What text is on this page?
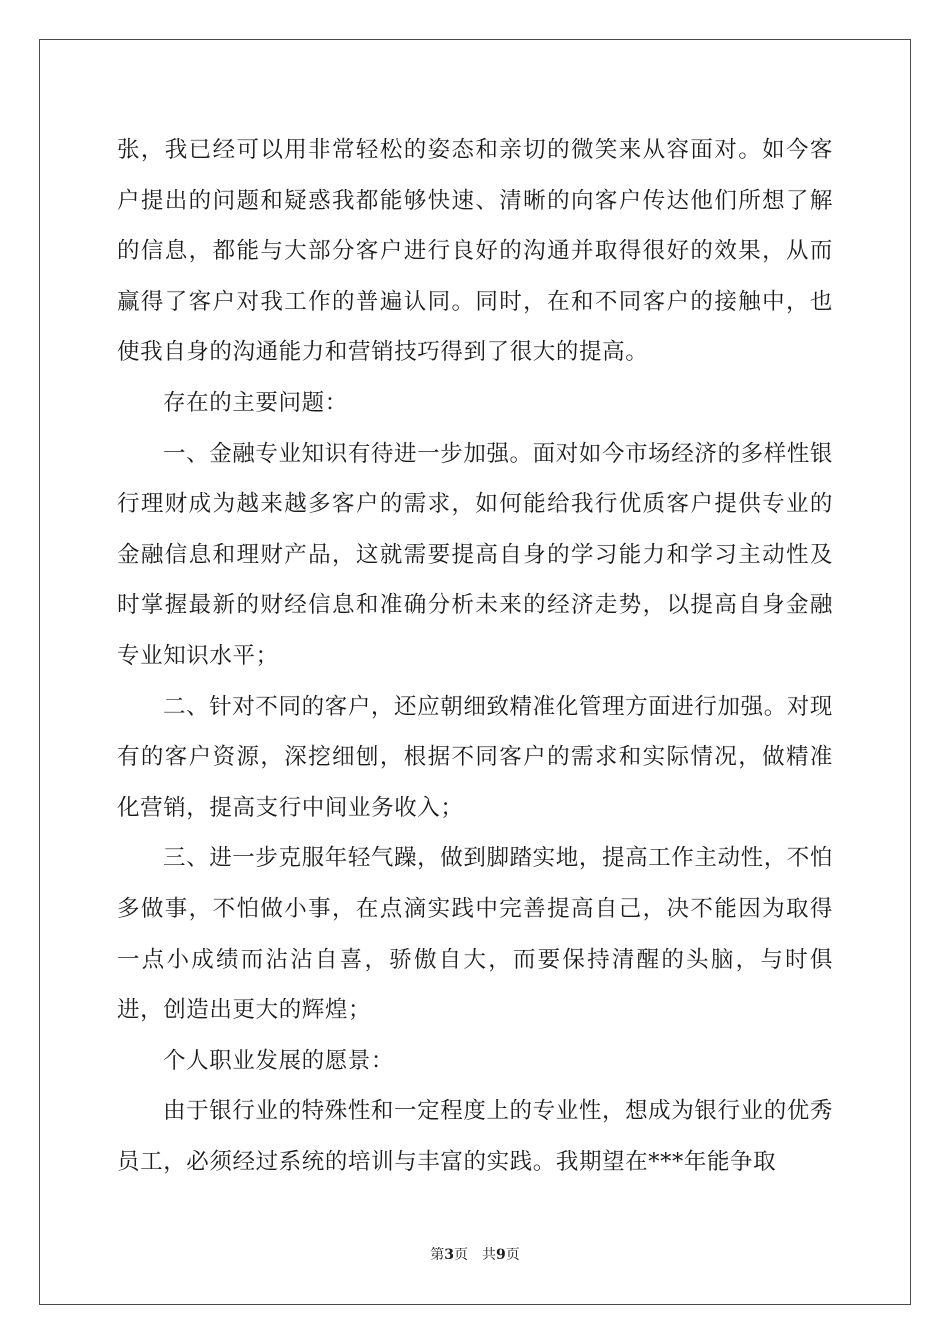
张，我已经可以用非常轻松的姿态和亲切的微笑来从容面对。如今客户提出的问题和疑惑我都能够快速、清晰的向客户传达他们所想了解的信息，都能与大部分客户进行良好的沟通并取得很好的效果，从而赢得了客户对我工作的普遍认同。同时，在和不同客户的接触中，也使我自身的沟通能力和营销技巧得到了很大的提高。

存在的主要问题：

一、金融专业知识有待进一步加强。面对如今市场经济的多样性银行理财成为越来越多客户的需求，如何能给我行优质客户提供专业的金融信息和理财产品，这就需要提高自身的学习能力和学习主动性及时掌握最新的财经信息和准确分析未来的经济走势，以提高自身金融专业知识水平；

二、针对不同的客户，还应朝细致精准化管理方面进行加强。对现有的客户资源，深挖细刨，根据不同客户的需求和实际情况，做精准化营销，提高支行中间业务收入；

三、进一步克服年轻气躁，做到脚踏实地，提高工作主动性，不怕多做事，不怕做小事，在点滴实践中完善提高自己，决不能因为取得一点小成绩而沾沾自喜，骄傲自大，而要保持清醒的头脑，与时俱进，创造出更大的辉煌；

个人职业发展的愿景：

由于银行业的特殊性和一定程度上的专业性，想成为银行业的优秀员工，必须经过系统的培训与丰富的实践。我期望在***年能争取

第3页 共9页
